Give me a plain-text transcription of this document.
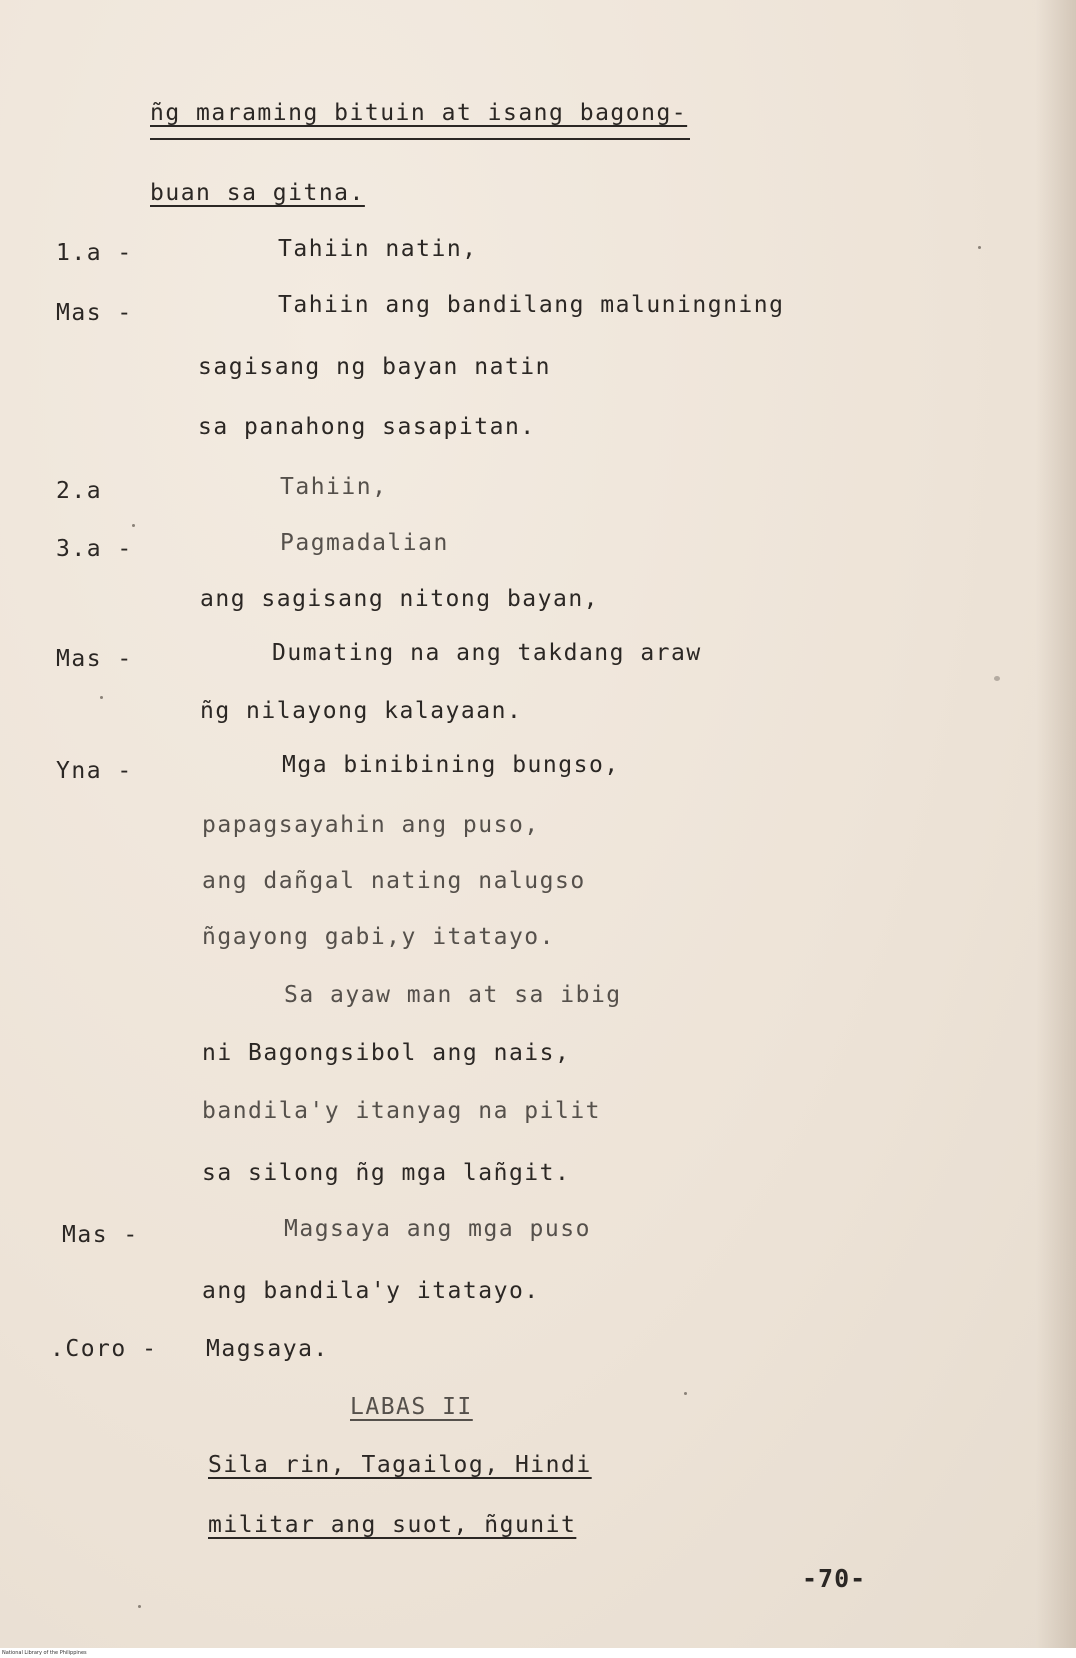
ñg maraming bituin at isang bagong-
buan sa gitna.
1.a -	Tahiin natin,
Mas -	Tahiin ang bandilang maluningning
sagisang ng bayan natin
sa panahong sasapitan.
2.a	Tahiin,
3.a -	Pagmadalian
ang sagisang nitong bayan,
Mas -	Dumating na ang takdang araw
ñg nilayong kalayaan.
Yna -	Mga binibining bungso,
papagsayahin ang puso,
ang dañgal nating nalugso
ñgayong gabi,y itatayo.
Sa ayaw man at sa ibig
ni Bagongsibol ang nais,
bandila'y itanyag na pilit
sa silong ñg mga lañgit.
Mas -	Magsaya ang mga puso
ang bandila'y itatayo.
.Coro - Magsaya.
LABAS II
Sila rin, Tagailog, Hindi
militar ang suot, ñgunit
-70-
National Library of the Philippines
